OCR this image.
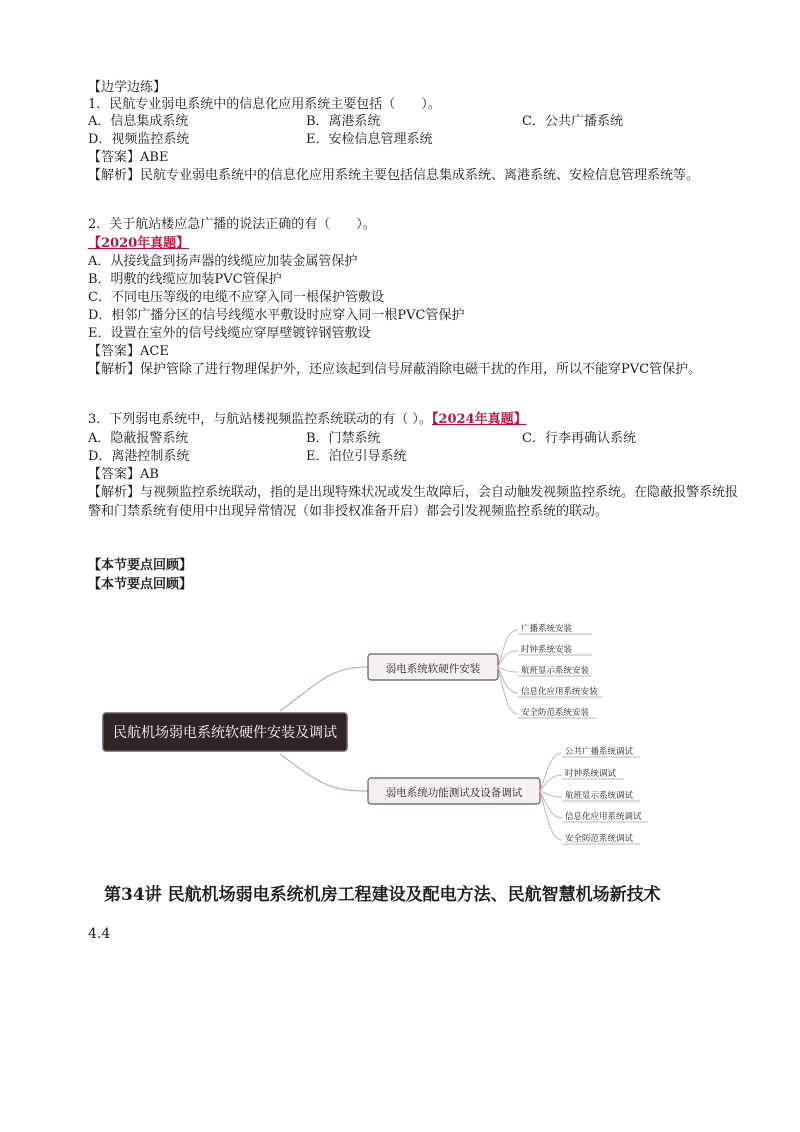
【边学边练】
1．民航专业弱电系统中的信息化应用系统主要包括（　　）。
A．信息集成系统	B．离港系统	C．公共广播系统
D．视频监控系统	E．安检信息管理系统
【答案】ABE
【解析】民航专业弱电系统中的信息化应用系统主要包括信息集成系统、离港系统、安检信息管理系统等。
2．关于航站楼应急广播的说法正确的有（　　）。
【2020年真题】
A．从接线盒到扬声器的线缆应加装金属管保护
B．明敷的线缆应加装PVC管保护
C．不同电压等级的电缆不应穿入同一根保护管敷设
D．相邻广播分区的信号线缆水平敷设时应穿入同一根PVC管保护
E．设置在室外的信号线缆应穿厚壁镀锌钢管敷设
【答案】ACE
【解析】保护管除了进行物理保护外，还应该起到信号屏蔽消除电磁干扰的作用，所以不能穿PVC管保护。
3．下列弱电系统中，与航站楼视频监控系统联动的有（ ）。【2024年真题】
A．隐蔽报警系统	B．门禁系统	C．行李再确认系统
D．离港控制系统	E．泊位引导系统
【答案】AB
【解析】与视频监控系统联动，指的是出现特殊状况或发生故障后，会自动触发视频监控系统。在隐蔽报警系统报警和门禁系统有使用中出现异常情况（如非授权准备开启）都会引发视频监控系统的联动。
【本节要点回顾】
【本节要点回顾】
民航机场弱电系统软硬件安装及调试
弱电系统软硬件安装
广播系统安装
时钟系统安装
航班显示系统安装
信息化应用系统安装
安全防范系统安装
弱电系统功能测试及设备调试
公共广播系统调试
时钟系统调试
航班显示系统调试
信息化应用系统调试
安全防范系统调试
第34讲 民航机场弱电系统机房工程建设及配电方法、民航智慧机场新技术
4.4
